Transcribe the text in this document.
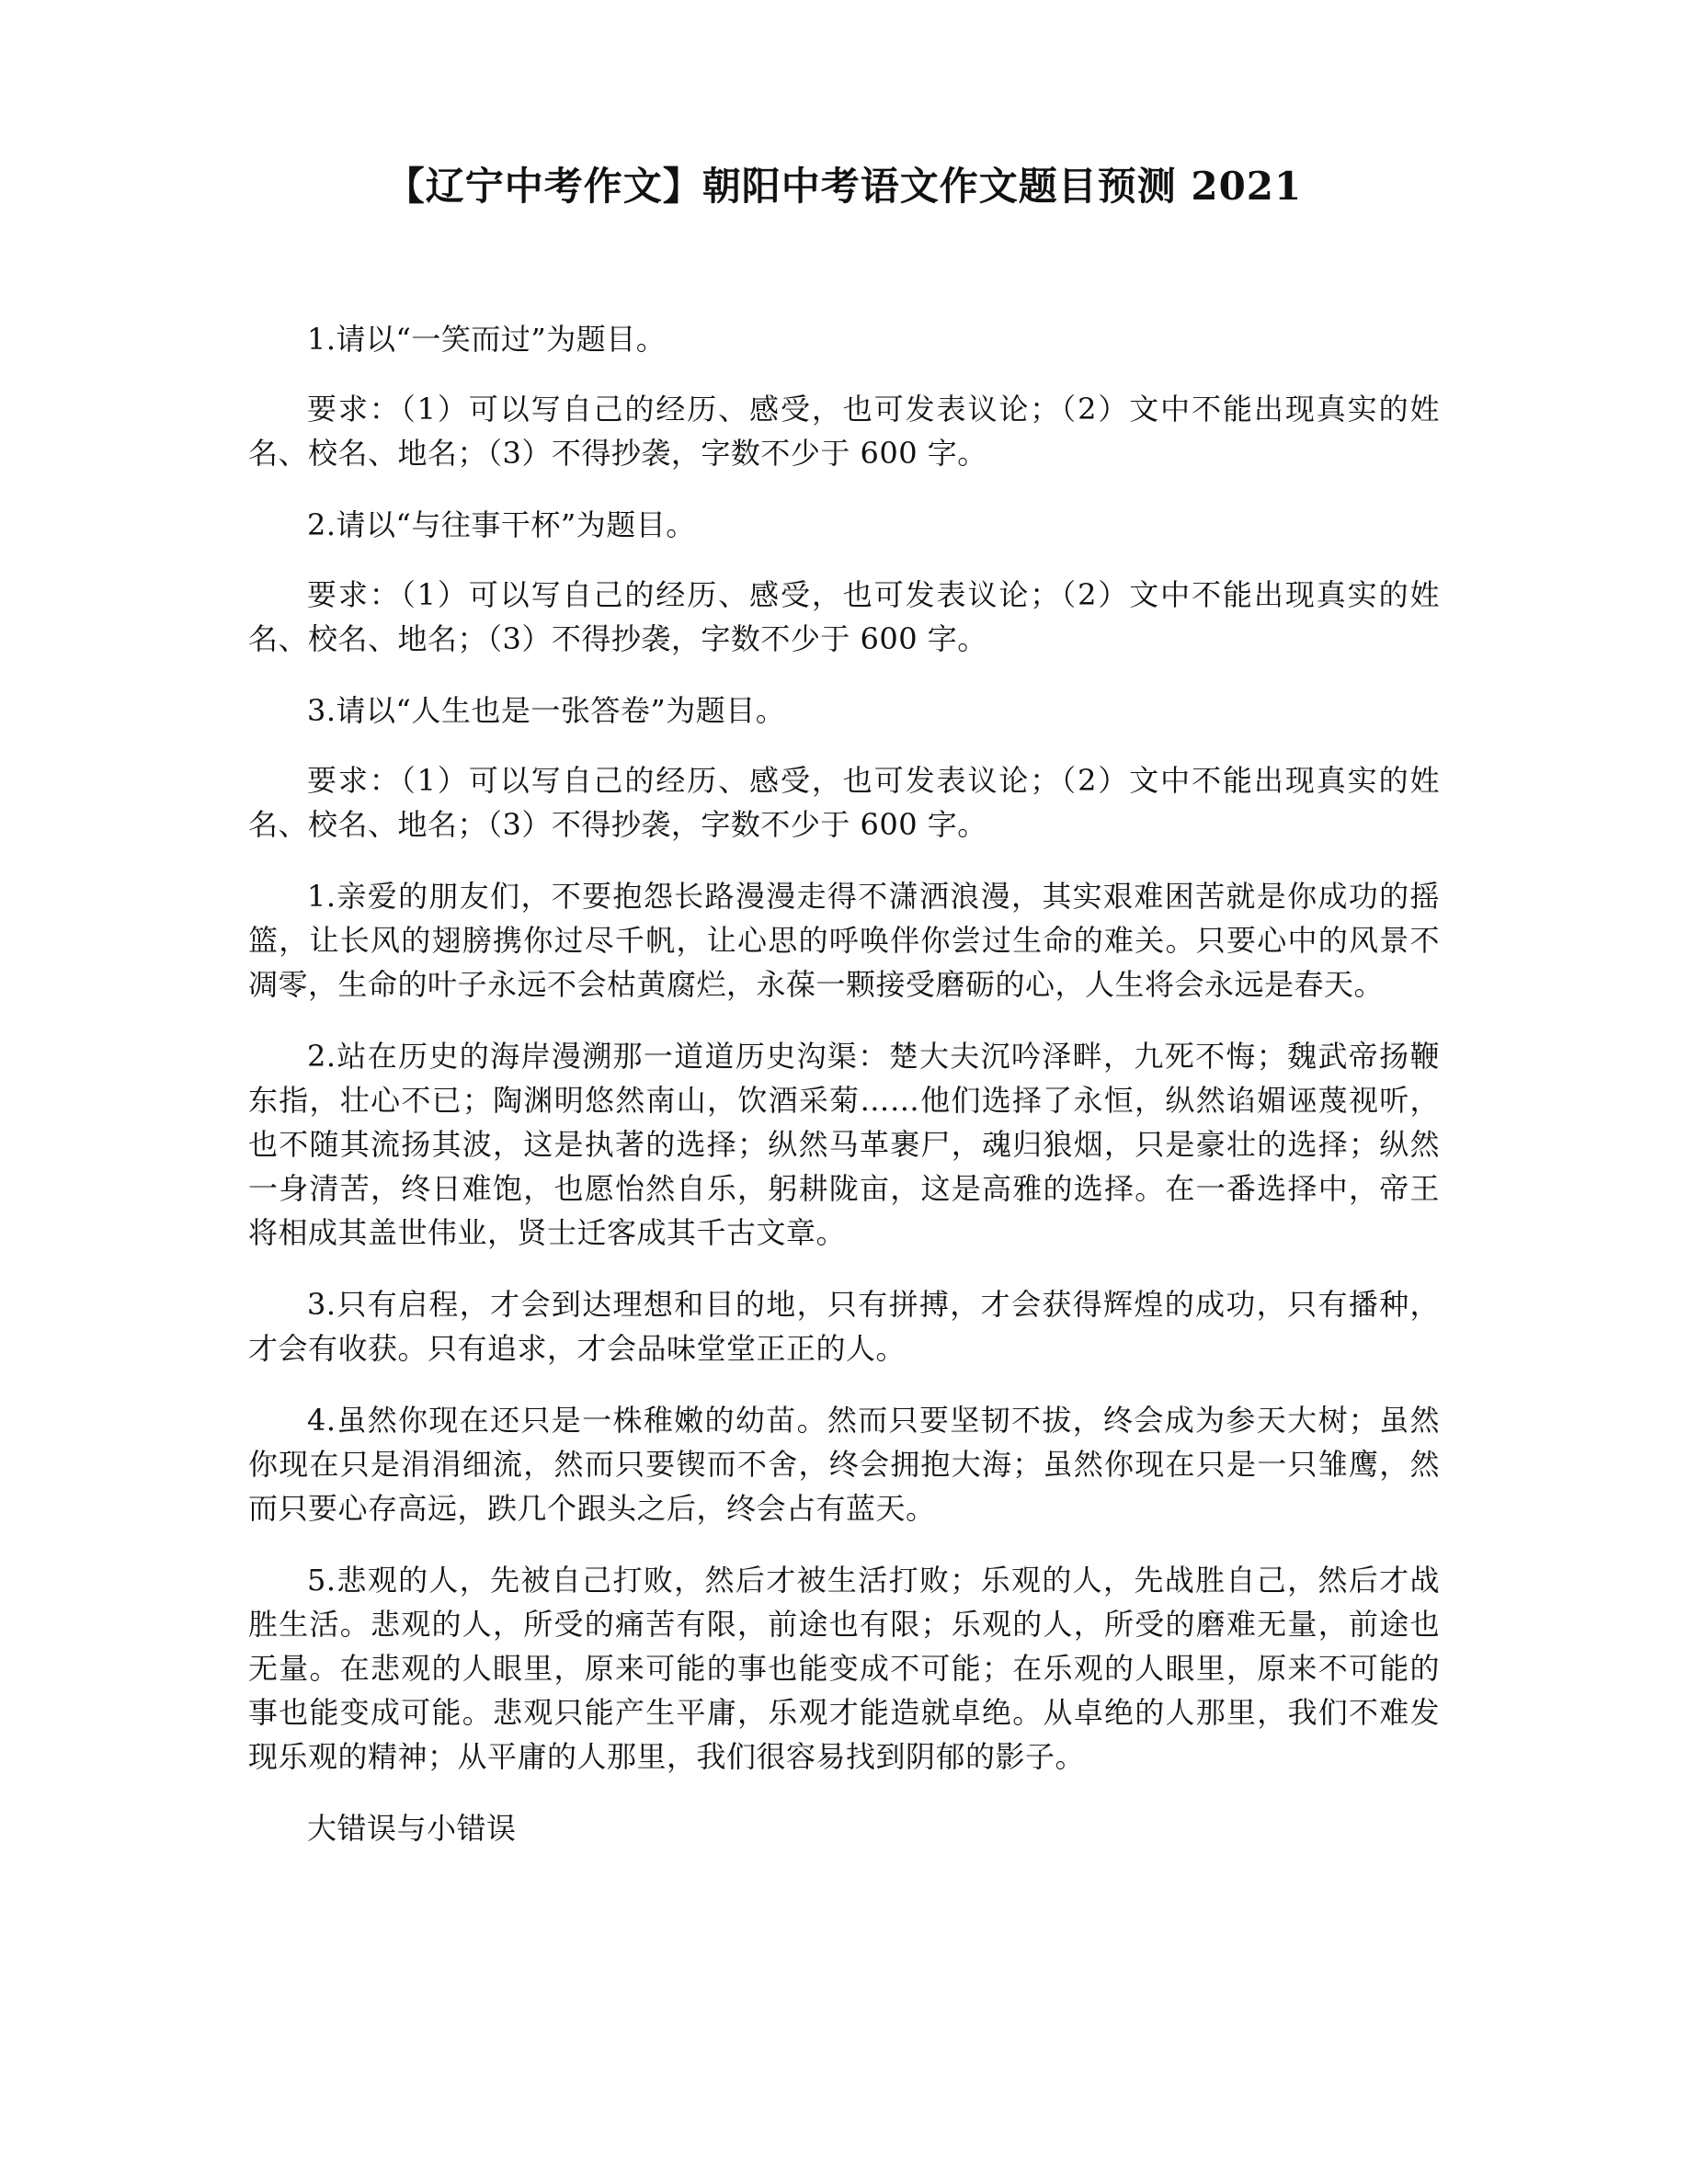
【辽宁中考作文】朝阳中考语文作文题目预测 2021

1.请以“一笑而过”为题目。

要求：（1）可以写自己的经历、感受，也可发表议论；（2）文中不能出现真实的姓名、校名、地名；（3）不得抄袭，字数不少于 600 字。

2.请以“与往事干杯”为题目。

要求：（1）可以写自己的经历、感受，也可发表议论；（2）文中不能出现真实的姓名、校名、地名；（3）不得抄袭，字数不少于 600 字。

3.请以“人生也是一张答卷”为题目。

要求：（1）可以写自己的经历、感受，也可发表议论；（2）文中不能出现真实的姓名、校名、地名；（3）不得抄袭，字数不少于 600 字。

1.亲爱的朋友们，不要抱怨长路漫漫走得不潇洒浪漫，其实艰难困苦就是你成功的摇篮，让长风的翅膀携你过尽千帆，让心思的呼唤伴你尝过生命的难关。只要心中的风景不凋零，生命的叶子永远不会枯黄腐烂，永葆一颗接受磨砺的心，人生将会永远是春天。

2.站在历史的海岸漫溯那一道道历史沟渠：楚大夫沉吟泽畔，九死不悔；魏武帝扬鞭东指，壮心不已；陶渊明悠然南山，饮酒采菊……他们选择了永恒，纵然谄媚诬蔑视听，也不随其流扬其波，这是执著的选择；纵然马革裹尸，魂归狼烟，只是豪壮的选择；纵然一身清苦，终日难饱，也愿怡然自乐，躬耕陇亩，这是高雅的选择。在一番选择中，帝王将相成其盖世伟业，贤士迁客成其千古文章。

3.只有启程，才会到达理想和目的地，只有拼搏，才会获得辉煌的成功，只有播种，才会有收获。只有追求，才会品味堂堂正正的人。

4.虽然你现在还只是一株稚嫩的幼苗。然而只要坚韧不拔，终会成为参天大树；虽然你现在只是涓涓细流，然而只要锲而不舍，终会拥抱大海；虽然你现在只是一只雏鹰，然而只要心存高远，跌几个跟头之后，终会占有蓝天。

5.悲观的人，先被自己打败，然后才被生活打败；乐观的人，先战胜自己，然后才战胜生活。悲观的人，所受的痛苦有限，前途也有限；乐观的人，所受的磨难无量，前途也无量。在悲观的人眼里，原来可能的事也能变成不可能；在乐观的人眼里，原来不可能的事也能变成可能。悲观只能产生平庸，乐观才能造就卓绝。从卓绝的人那里，我们不难发现乐观的精神；从平庸的人那里，我们很容易找到阴郁的影子。

大错误与小错误
